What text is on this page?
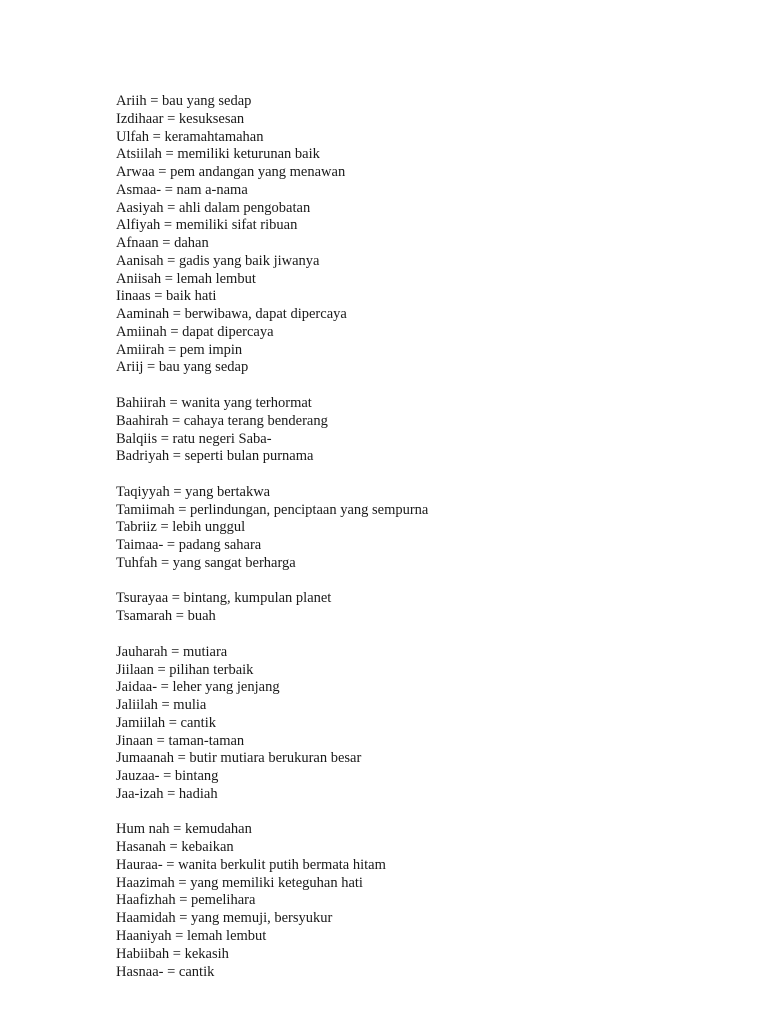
Ariih = bau yang sedap
Izdihaar = kesuksesan
Ulfah = keramahtamahan
Atsiilah = memiliki keturunan baik
Arwaa = pem andangan yang menawan
Asmaa- = nam a-nama
Aasiyah = ahli dalam pengobatan
Alfiyah = memiliki sifat ribuan
Afnaan = dahan
Aanisah = gadis yang baik jiwanya
Aniisah = lemah lembut
Iinaas = baik hati
Aaminah = berwibawa, dapat dipercaya
Amiinah = dapat dipercaya
Amiirah = pem impin
Ariij = bau yang sedap
Bahiirah = wanita yang terhormat
Baahirah = cahaya terang benderang
Balqiis = ratu negeri Saba-
Badriyah = seperti bulan purnama
Taqiyyah = yang bertakwa
Tamiimah = perlindungan, penciptaan yang sempurna
Tabriiz = lebih unggul
Taimaa- = padang sahara
Tuhfah = yang sangat berharga
Tsurayaa = bintang, kumpulan planet
Tsamarah = buah
Jauharah = mutiara
Jiilaan = pilihan terbaik
Jaidaa- = leher yang jenjang
Jaliilah = mulia
Jamiilah = cantik
Jinaan = taman-taman
Jumaanah = butir mutiara berukuran besar
Jauzaa- = bintang
Jaa-izah = hadiah
Hum nah = kemudahan
Hasanah = kebaikan
Hauraa- = wanita berkulit putih bermata hitam
Haazimah = yang memiliki keteguhan hati
Haafizhah = pemelihara
Haamidah = yang memuji, bersyukur
Haaniyah = lemah lembut
Habiibah = kekasih
Hasnaa- = cantik
